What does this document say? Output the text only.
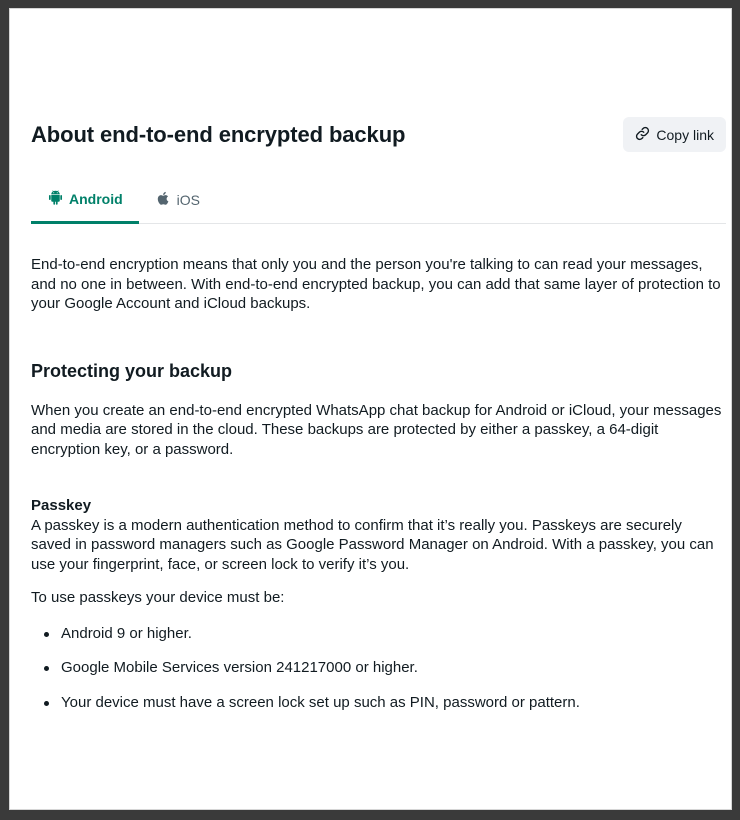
About end-to-end encrypted backup	Copy link
Android	iOS

End-to-end encryption means that only you and the person you're talking to can read your messages, and no one in between. With end-to-end encrypted backup, you can add that same layer of protection to your Google Account and iCloud backups.

Protecting your backup

When you create an end-to-end encrypted WhatsApp chat backup for Android or iCloud, your messages and media are stored in the cloud. These backups are protected by either a passkey, a 64-digit encryption key, or a password.

Passkey

A passkey is a modern authentication method to confirm that it’s really you. Passkeys are securely saved in password managers such as Google Password Manager on Android. With a passkey, you can use your fingerprint, face, or screen lock to verify it’s you.

To use passkeys your device must be:

Android 9 or higher.
Google Mobile Services version 241217000 or higher.
Your device must have a screen lock set up such as PIN, password or pattern.
